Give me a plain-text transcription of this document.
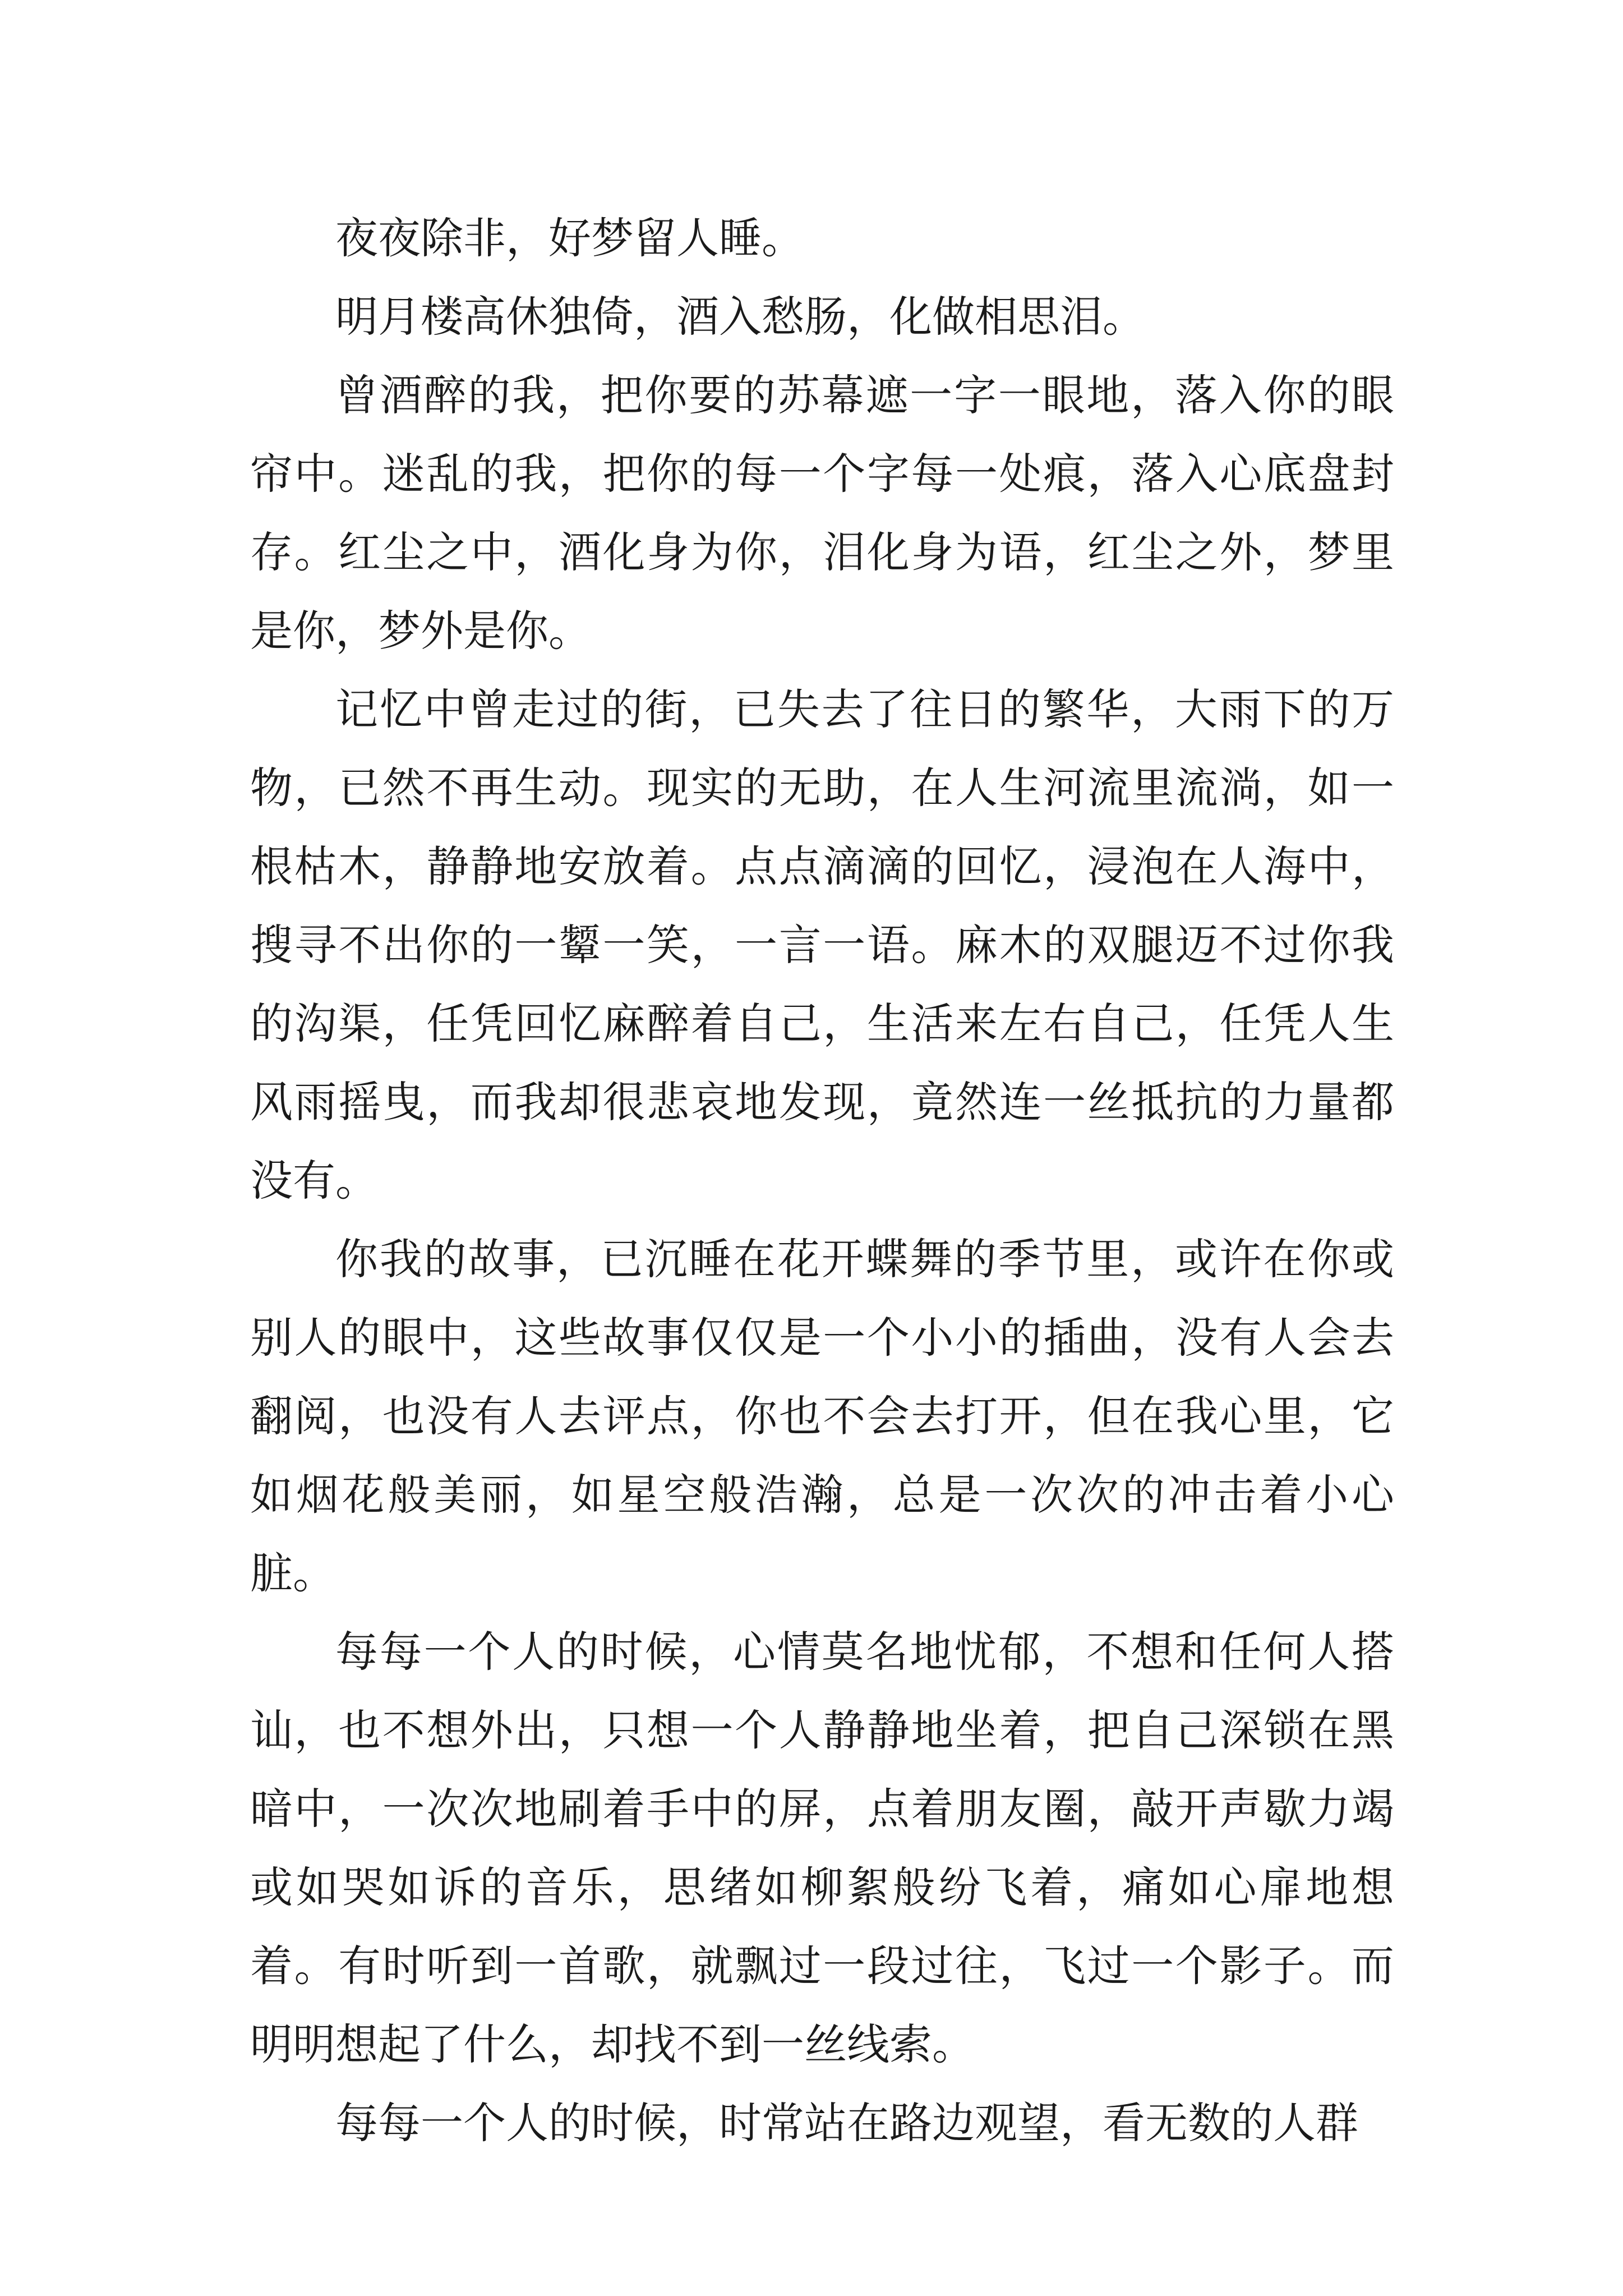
夜夜除非，好梦留人睡。

明月楼高休独倚，酒入愁肠，化做相思泪。

曾酒醉的我，把你要的苏幕遮一字一眼地，落入你的眼帘中。迷乱的我，把你的每一个字每一处痕，落入心底盘封存。红尘之中，酒化身为你，泪化身为语，红尘之外，梦里是你，梦外是你。

记忆中曾走过的街，已失去了往日的繁华，大雨下的万物，已然不再生动。现实的无助，在人生河流里流淌，如一根枯木，静静地安放着。点点滴滴的回忆，浸泡在人海中，搜寻不出你的一颦一笑，一言一语。麻木的双腿迈不过你我的沟渠，任凭回忆麻醉着自己，生活来左右自己，任凭人生风雨摇曳，而我却很悲哀地发现，竟然连一丝抵抗的力量都没有。

你我的故事，已沉睡在花开蝶舞的季节里，或许在你或别人的眼中，这些故事仅仅是一个小小的插曲，没有人会去翻阅，也没有人去评点，你也不会去打开，但在我心里，它如烟花般美丽，如星空般浩瀚，总是一次次的冲击着小心脏。

每每一个人的时候，心情莫名地忧郁，不想和任何人搭讪，也不想外出，只想一个人静静地坐着，把自己深锁在黑暗中，一次次地刷着手中的屏，点着朋友圈，敲开声歇力竭或如哭如诉的音乐，思绪如柳絮般纷飞着，痛如心扉地想着。有时听到一首歌，就飘过一段过往，飞过一个影子。而明明想起了什么，却找不到一丝线索。

每每一个人的时候，时常站在路边观望，看无数的人群
